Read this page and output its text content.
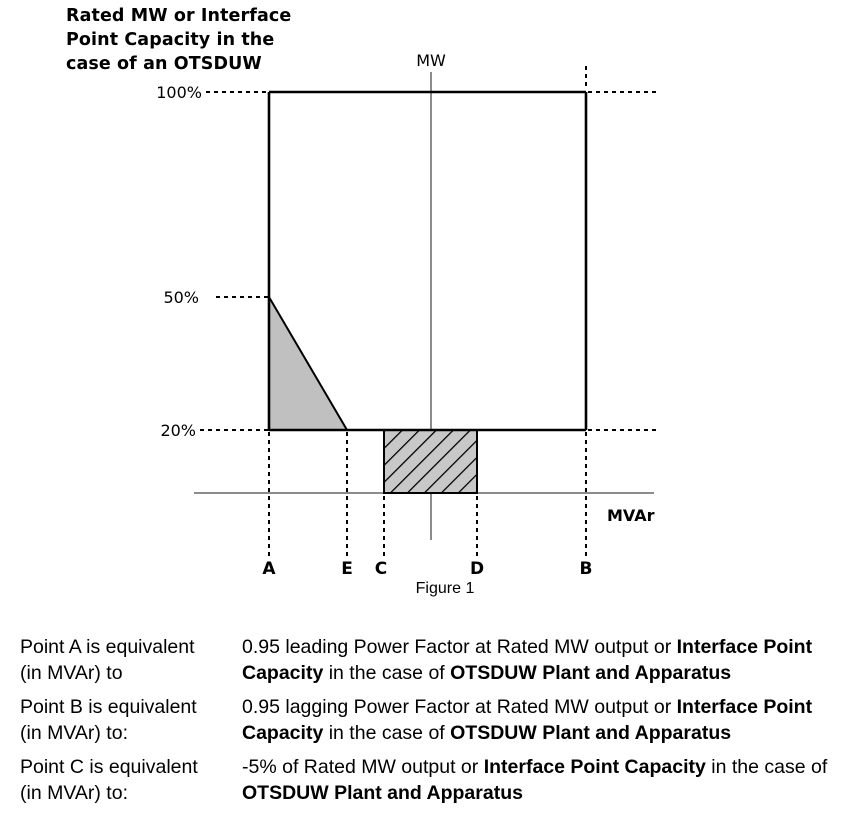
Rated MW or Interface
Point Capacity in the
case of an OTSDUW
100%
50%
20%
MW
MVAr
A	E C	D	B
Figure 1
Point A is equivalent
(in MVAr) to
0.95 leading Power Factor at Rated MW output or Interface Point Capacity in the case of OTSDUW Plant and Apparatus
Point B is equivalent
(in MVAr) to:
0.95 lagging Power Factor at Rated MW output or Interface Point Capacity in the case of OTSDUW Plant and Apparatus
Point C is equivalent
(in MVAr) to:
-5% of Rated MW output or Interface Point Capacity in the case of OTSDUW Plant and Apparatus
